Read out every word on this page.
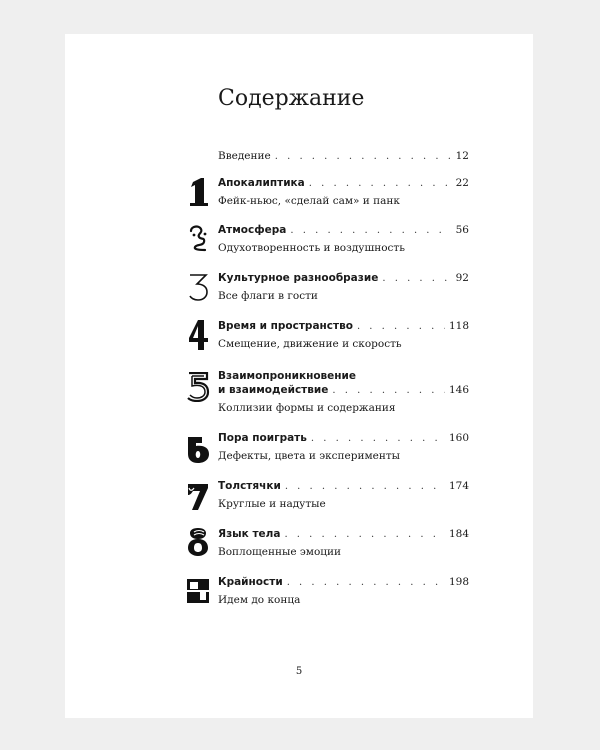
Содержание
Введение . . .	12
Апокалиптика . . .	22
Фейк-ньюс, «сделай сам» и панк
Атмосфера . . .	56
Одухотворенность и воздушность
Культурное разнообразие . . .	92
Все флаги в гости
Время и пространство . . .	118
Смещение, движение и скорость
Взаимопроникновение
и взаимодействие . . .	146
Коллизии формы и содержания
Пора поиграть . . .	160
Дефекты, цвета и эксперименты
Толстячки . . .	174
Круглые и надутые
Язык тела . . .	184
Воплощенные эмоции
Крайности . . .	198
Идем до конца
5
